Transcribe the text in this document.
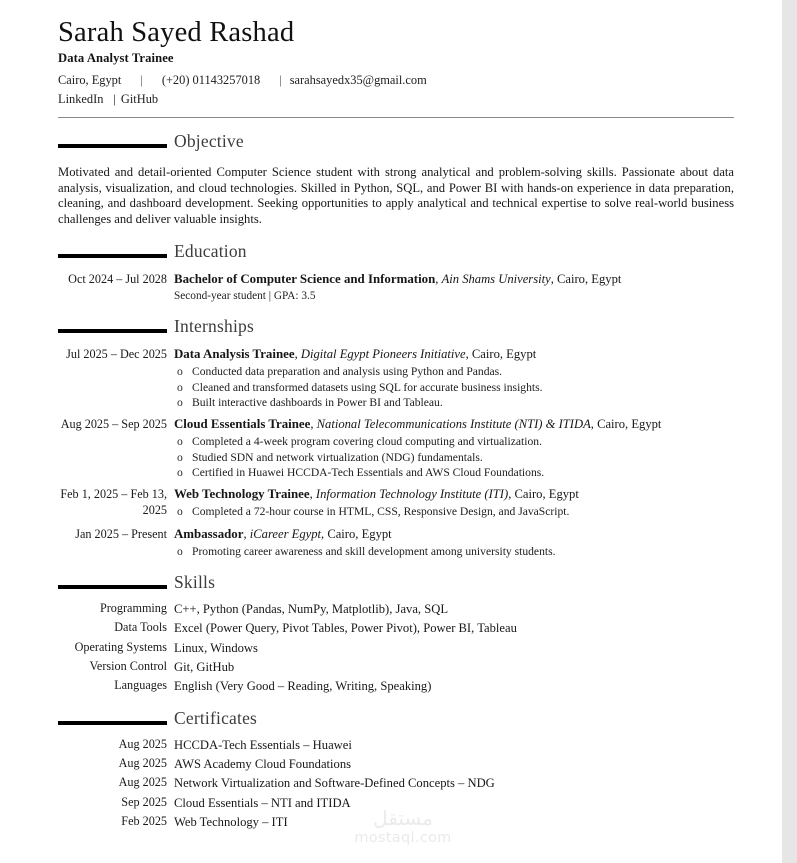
Sarah Sayed Rashad
Data Analyst Trainee
Cairo, Egypt | (+20) 01143257018 | sarahsayedx35@gmail.com
LinkedIn | GitHub
Objective
Motivated and detail-oriented Computer Science student with strong analytical and problem-solving skills. Passionate about data analysis, visualization, and cloud technologies. Skilled in Python, SQL, and Power BI with hands-on experience in data preparation, cleaning, and dashboard development. Seeking opportunities to apply analytical and technical expertise to solve real-world business challenges and deliver valuable insights.
Education
Oct 2024 – Jul 2028 Bachelor of Computer Science and Information, Ain Shams University, Cairo, Egypt
Second-year student | GPA: 3.5
Internships
Jul 2025 – Dec 2025 Data Analysis Trainee, Digital Egypt Pioneers Initiative, Cairo, Egypt
o Conducted data preparation and analysis using Python and Pandas.
o Cleaned and transformed datasets using SQL for accurate business insights.
o Built interactive dashboards in Power BI and Tableau.
Aug 2025 – Sep 2025 Cloud Essentials Trainee, National Telecommunications Institute (NTI) & ITIDA, Cairo, Egypt
o Completed a 4-week program covering cloud computing and virtualization.
o Studied SDN and network virtualization (NDG) fundamentals.
o Certified in Huawei HCCDA-Tech Essentials and AWS Cloud Foundations.
Feb 1, 2025 – Feb 13, 2025
Web Technology Trainee, Information Technology Institute (ITI), Cairo, Egypt
o Completed a 72-hour course in HTML, CSS, Responsive Design, and JavaScript.
Jan 2025 – Present Ambassador, iCareer Egypt, Cairo, Egypt
o Promoting career awareness and skill development among university students.
Skills
Programming C++, Python (Pandas, NumPy, Matplotlib), Java, SQL
Data Tools Excel (Power Query, Pivot Tables, Power Pivot), Power BI, Tableau
Operating Systems Linux, Windows
Version Control Git, GitHub
Languages English (Very Good – Reading, Writing, Speaking)
Certificates
Aug 2025 HCCDA-Tech Essentials – Huawei
Aug 2025 AWS Academy Cloud Foundations
Aug 2025 Network Virtualization and Software-Defined Concepts – NDG
Sep 2025 Cloud Essentials – NTI and ITIDA
Feb 2025 Web Technology – ITI	مستقل
mostaql.com
